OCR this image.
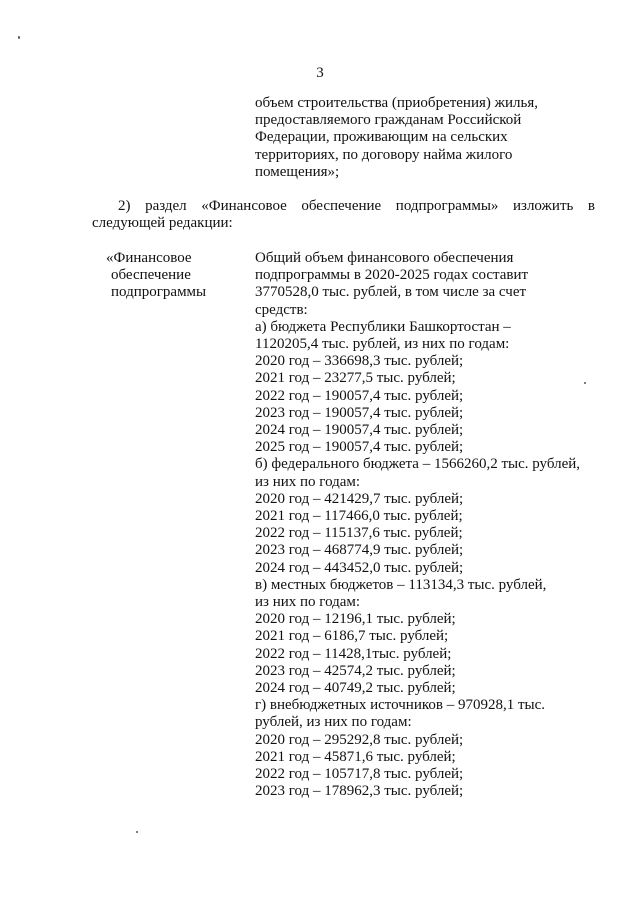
3
объем строительства (приобретения) жилья,
предоставляемого гражданам Российской
Федерации, проживающим на сельских
территориях, по договору найма жилого
помещения»;
2) раздел «Финансовое обеспечение подпрограммы» изложить в
следующей редакции:
«Финансовое
обеспечение
подпрограммы
Общий объем финансового обеспечения
подпрограммы в 2020-2025 годах составит
3770528,0 тыс. рублей, в том числе за счет
средств:
а) бюджета Республики Башкортостан –
1120205,4 тыс. рублей, из них по годам:
2020 год – 336698,3 тыс. рублей;
2021 год – 23277,5 тыс. рублей;
2022 год – 190057,4 тыс. рублей;
2023 год – 190057,4 тыс. рублей;
2024 год – 190057,4 тыс. рублей;
2025 год – 190057,4 тыс. рублей;
б) федерального бюджета – 1566260,2 тыс. рублей,
из них по годам:
2020 год – 421429,7 тыс. рублей;
2021 год – 117466,0 тыс. рублей;
2022 год – 115137,6 тыс. рублей;
2023 год – 468774,9 тыс. рублей;
2024 год – 443452,0 тыс. рублей;
в) местных бюджетов – 113134,3 тыс. рублей,
из них по годам:
2020 год – 12196,1 тыс. рублей;
2021 год – 6186,7 тыс. рублей;
2022 год – 11428,1тыс. рублей;
2023 год – 42574,2 тыс. рублей;
2024 год – 40749,2 тыс. рублей;
г) внебюджетных источников – 970928,1 тыс.
рублей, из них по годам:
2020 год – 295292,8 тыс. рублей;
2021 год – 45871,6 тыс. рублей;
2022 год – 105717,8 тыс. рублей;
2023 год – 178962,3 тыс. рублей;
